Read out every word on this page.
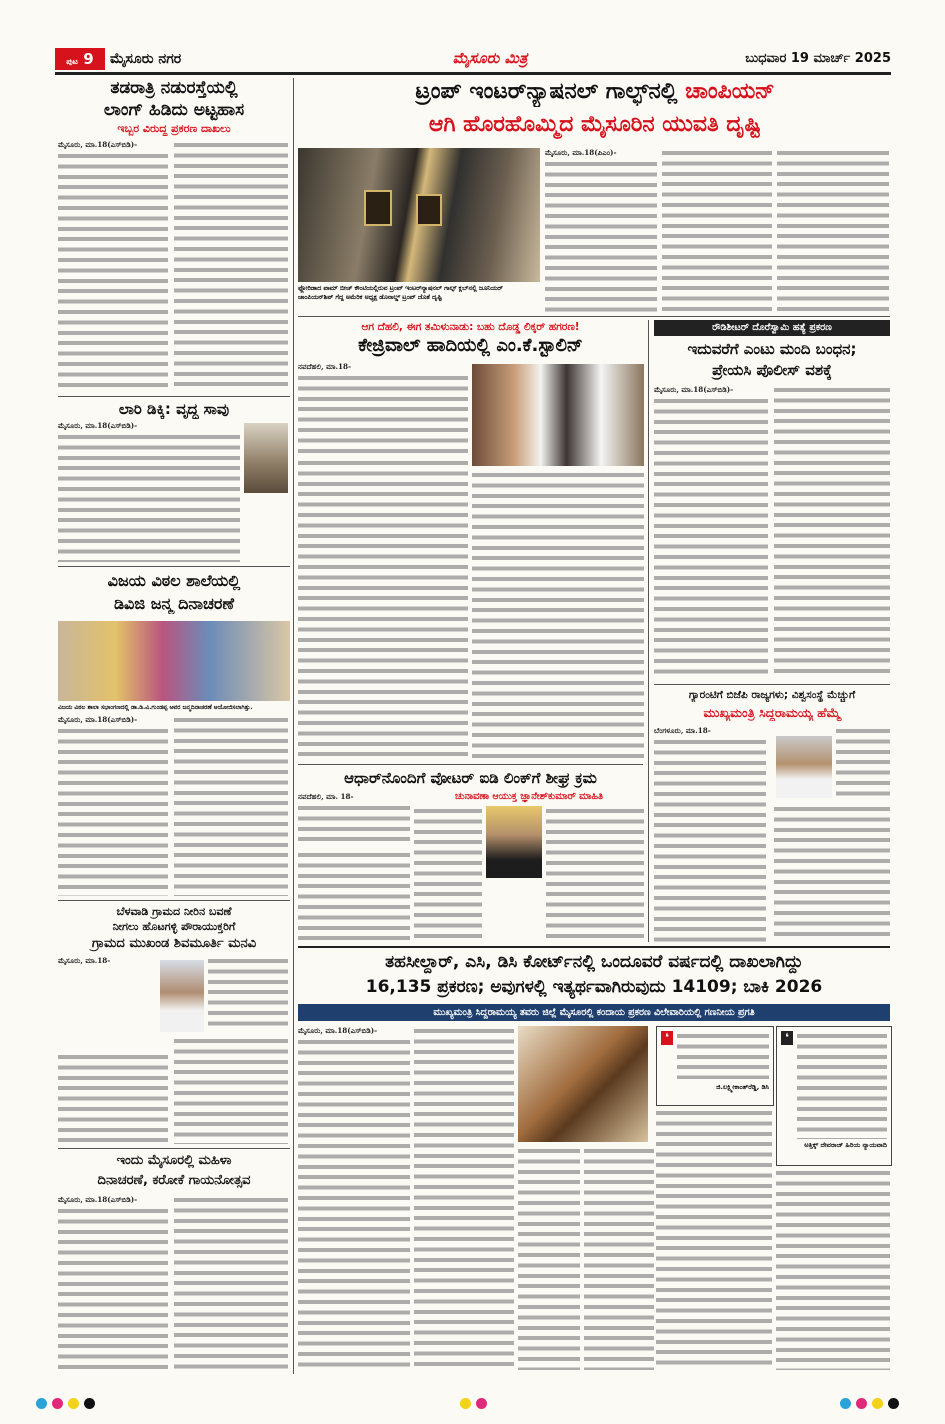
ಪುಟ 9	ಮೈಸೂರು ನಗರ	ಮೈಸೂರು ಮಿತ್ರ	ಬುಧವಾರ 19 ಮಾರ್ಚ್ 2025
ತಡರಾತ್ರಿ ನಡುರಸ್ತೆಯಲ್ಲಿ
ಲಾಂಗ್ ಹಿಡಿದು ಅಟ್ಟಹಾಸ
ಇಬ್ಬರ ವಿರುದ್ಧ ಪ್ರಕರಣ ದಾಖಲು
ಮೈಸೂರು, ಮಾ.18(ಎಸ್‌ಬಿಡಿ)-
ಲಾರಿ ಡಿಕ್ಕಿ: ವೃದ್ಧ ಸಾವು
ಮೈಸೂರು, ಮಾ.18(ಎಸ್‌ಬಿಡಿ)-
ವಿಜಯ ವಿಠಲ ಶಾಲೆಯಲ್ಲಿ
ಡಿವಿಜಿ ಜನ್ಮ ದಿನಾಚರಣೆ
ವಿಜಯ ವಿಠಲ ಶಾಲಾ ಸಭಾಂಗಣದಲ್ಲಿ ಡಾ.ಡಿ.ವಿ.ಗುಂಡಪ್ಪ ಅವರ ಜನ್ಮದಿನಾಚರಣೆ ಆಯೋಜಿಸಲಾಗಿತ್ತು.
ಮೈಸೂರು, ಮಾ.18(ಎಸ್‌ಬಿಡಿ)-
ಬೆಳವಾಡಿ ಗ್ರಾಮದ ನೀರಿನ ಬವಣೆ
ನೀಗಲು ಹೊಟಗಳ್ಳಿ ಪೌರಾಯುಕ್ತರಿಗೆ
ಗ್ರಾಮದ ಮುಖಂಡ ಶಿವಮೂರ್ತಿ ಮನವಿ
ಮೈಸೂರು, ಮಾ.18-
ಇಂದು ಮೈಸೂರಲ್ಲಿ ಮಹಿಳಾ
ದಿನಾಚರಣೆ, ಕರೋಕೆ ಗಾಯನೋತ್ಸವ
ಮೈಸೂರು, ಮಾ.18(ಎಸ್‌ಬಿಡಿ)-
ಟ್ರಂಪ್ ಇಂಟರ್‌ನ್ಯಾಷನಲ್ ಗಾಲ್ಫ್‌ನಲ್ಲಿ ಚಾಂಪಿಯನ್
ಆಗಿ ಹೊರಹೊಮ್ಮಿದ ಮೈಸೂರಿನ ಯುವತಿ ದೃಷ್ಟಿ
ಫ್ಲೋರಿಡಾದ ಪಾಮ್ ಬೀಚ್ ಕೌಂಟಿಯಲ್ಲಿರುವ ಟ್ರಂಪ್ ಇಂಟರ್‌ನ್ಯಾಷನಲ್ ಗಾಲ್ಫ್ ಕ್ಲಬ್‌ನಲ್ಲಿ ಜೂನಿಯರ್ ಚಾಂಪಿಯನ್‌ಶಿಪ್ ಗೆದ್ದ ಅಮೆರಿಕ ಅಧ್ಯಕ್ಷ ಡೊನಾಲ್ಡ್ ಟ್ರಂಪ್ ಜೊತೆ ದೃಷ್ಟಿ
ಮೈಸೂರು, ಮಾ.18(ಪಿಎಂ)-
ಆಗ ದೆಹಲಿ, ಈಗ ತಮಿಳುನಾಡು: ಬಹು ದೊಡ್ಡ ಲಿಕ್ಕರ್ ಹಗರಣ!
ಕೇಜ್ರಿವಾಲ್ ಹಾದಿಯಲ್ಲಿ ಎಂ.ಕೆ.ಸ್ಟಾಲಿನ್
ನವದೆಹಲಿ, ಮಾ.18-
ಆಧಾರ್‌ನೊಂದಿಗೆ ವೋಟರ್ ಐಡಿ ಲಿಂಕ್‌ಗೆ ಶೀಘ್ರ ಕ್ರಮ
ನವದೆಹಲಿ, ಮಾ. 18-	ಚುನಾವಣಾ ಆಯುಕ್ತ ಜ್ಞಾನೇಶ್‌ಕುಮಾರ್ ಮಾಹಿತಿ
ರೌಡಿಶೀಟರ್ ದೊರೆಸ್ವಾಮಿ ಹತ್ಯೆ ಪ್ರಕರಣ
ಇದುವರೆಗೆ ಎಂಟು ಮಂದಿ ಬಂಧನ;
ಪ್ರೇಯಸಿ ಪೊಲೀಸ್ ವಶಕ್ಕೆ
ಮೈಸೂರು, ಮಾ.18(ಎಸ್‌ಬಿಡಿ)-
ಗ್ಯಾರಂಟಿಗೆ ಬಿಜೆಪಿ ರಾಜ್ಯಗಳು; ವಿಶ್ವಸಂಸ್ಥೆ ಮೆಚ್ಚುಗೆ
ಮುಖ್ಯಮಂತ್ರಿ ಸಿದ್ದರಾಮಯ್ಯ ಹೆಮ್ಮೆ
ಬೆಂಗಳೂರು, ಮಾ.18-
ತಹಸೀಲ್ದಾರ್, ಎಸಿ, ಡಿಸಿ ಕೋರ್ಟ್‌ನಲ್ಲಿ ಒಂದೂವರೆ ವರ್ಷದಲ್ಲಿ ದಾಖಲಾಗಿದ್ದು
16,135 ಪ್ರಕರಣ; ಅವುಗಳಲ್ಲಿ ಇತ್ಯರ್ಥವಾಗಿರುವುದು 14109; ಬಾಕಿ 2026
ಮುಖ್ಯಮಂತ್ರಿ ಸಿದ್ದರಾಮಯ್ಯ ತವರು ಜಿಲ್ಲೆ ಮೈಸೂರಲ್ಲಿ ಕಂದಾಯ ಪ್ರಕರಣ ವಿಲೇವಾರಿಯಲ್ಲಿ ಗಣನೀಯ ಪ್ರಗತಿ
ಮೈಸೂರು, ಮಾ.18(ಎಸ್‌ಬಿಡಿ)-
❛
ಜಿ.ಲಕ್ಷ್ಮೀಕಾಂತ್‌ರೆಡ್ಡಿ, ಡಿಸಿ
❛
ಅತ್ತಿಕ್ಕ್ ದೇವರಾಜ್ ಹಿರಿಯ ನ್ಯಾಯವಾದಿ
